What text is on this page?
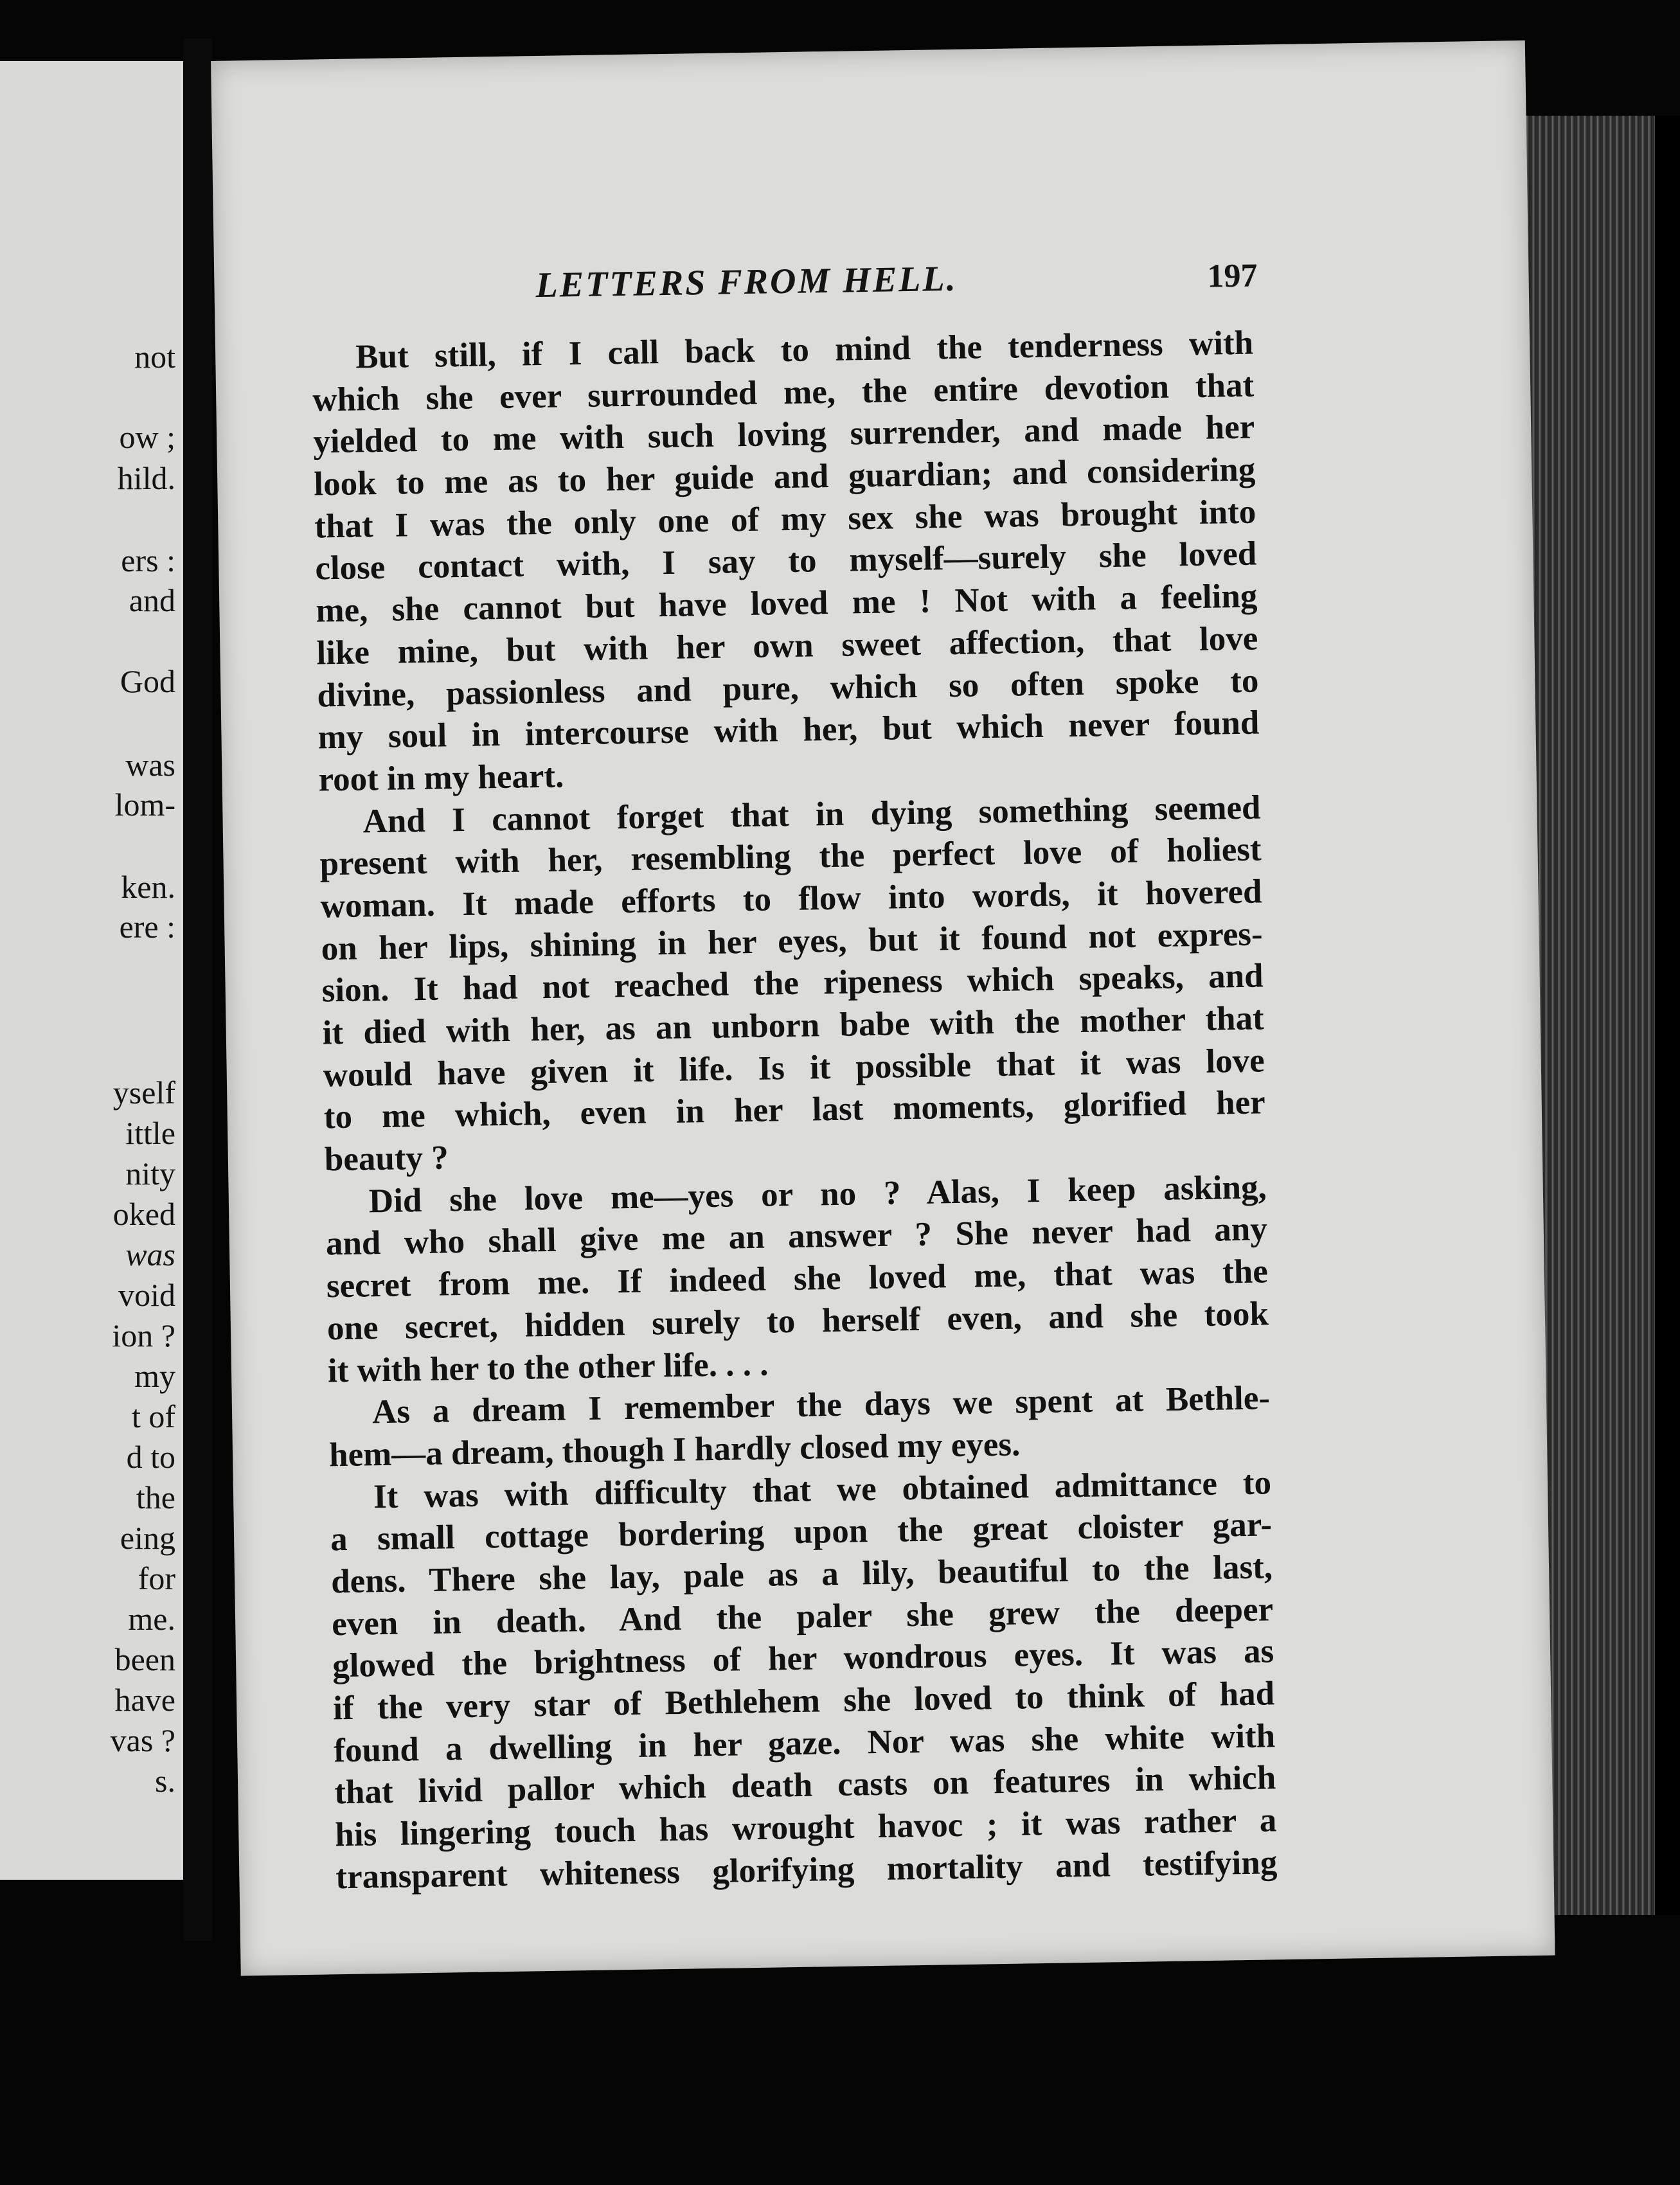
not
ow ;
hild.
ers :
and
God
was
lom-
ken.
ere :
yself
ittle
nity
oked
was
void
ion ?
my
t of
d to
the
eing
for
me.
been
have
vas ?
s.
LETTERS FROM HELL.	197
But still, if I call back to mind the tenderness with
which she ever surrounded me, the entire devotion that
yielded to me with such loving surrender, and made her
look to me as to her guide and guardian; and considering
that I was the only one of my sex she was brought into
close contact with, I say to myself—surely she loved
me, she cannot but have loved me ! Not with a feeling
like mine, but with her own sweet affection, that love
divine, passionless and pure, which so often spoke to
my soul in intercourse with her, but which never found
root in my heart.
And I cannot forget that in dying something seemed
present with her, resembling the perfect love of holiest
woman. It made efforts to flow into words, it hovered
on her lips, shining in her eyes, but it found not expres-
sion. It had not reached the ripeness which speaks, and
it died with her, as an unborn babe with the mother that
would have given it life. Is it possible that it was love
to me which, even in her last moments, glorified her
beauty ?
Did she love me—yes or no ? Alas, I keep asking,
and who shall give me an answer ? She never had any
secret from me. If indeed she loved me, that was the
one secret, hidden surely to herself even, and she took
it with her to the other life. . . .
As a dream I remember the days we spent at Bethle-
hem—a dream, though I hardly closed my eyes.
It was with difficulty that we obtained admittance to
a small cottage bordering upon the great cloister gar-
dens. There she lay, pale as a lily, beautiful to the last,
even in death. And the paler she grew the deeper
glowed the brightness of her wondrous eyes. It was as
if the very star of Bethlehem she loved to think of had
found a dwelling in her gaze. Nor was she white with
that livid pallor which death casts on features in which
his lingering touch has wrought havoc ; it was rather a
transparent whiteness glorifying mortality and testifying
